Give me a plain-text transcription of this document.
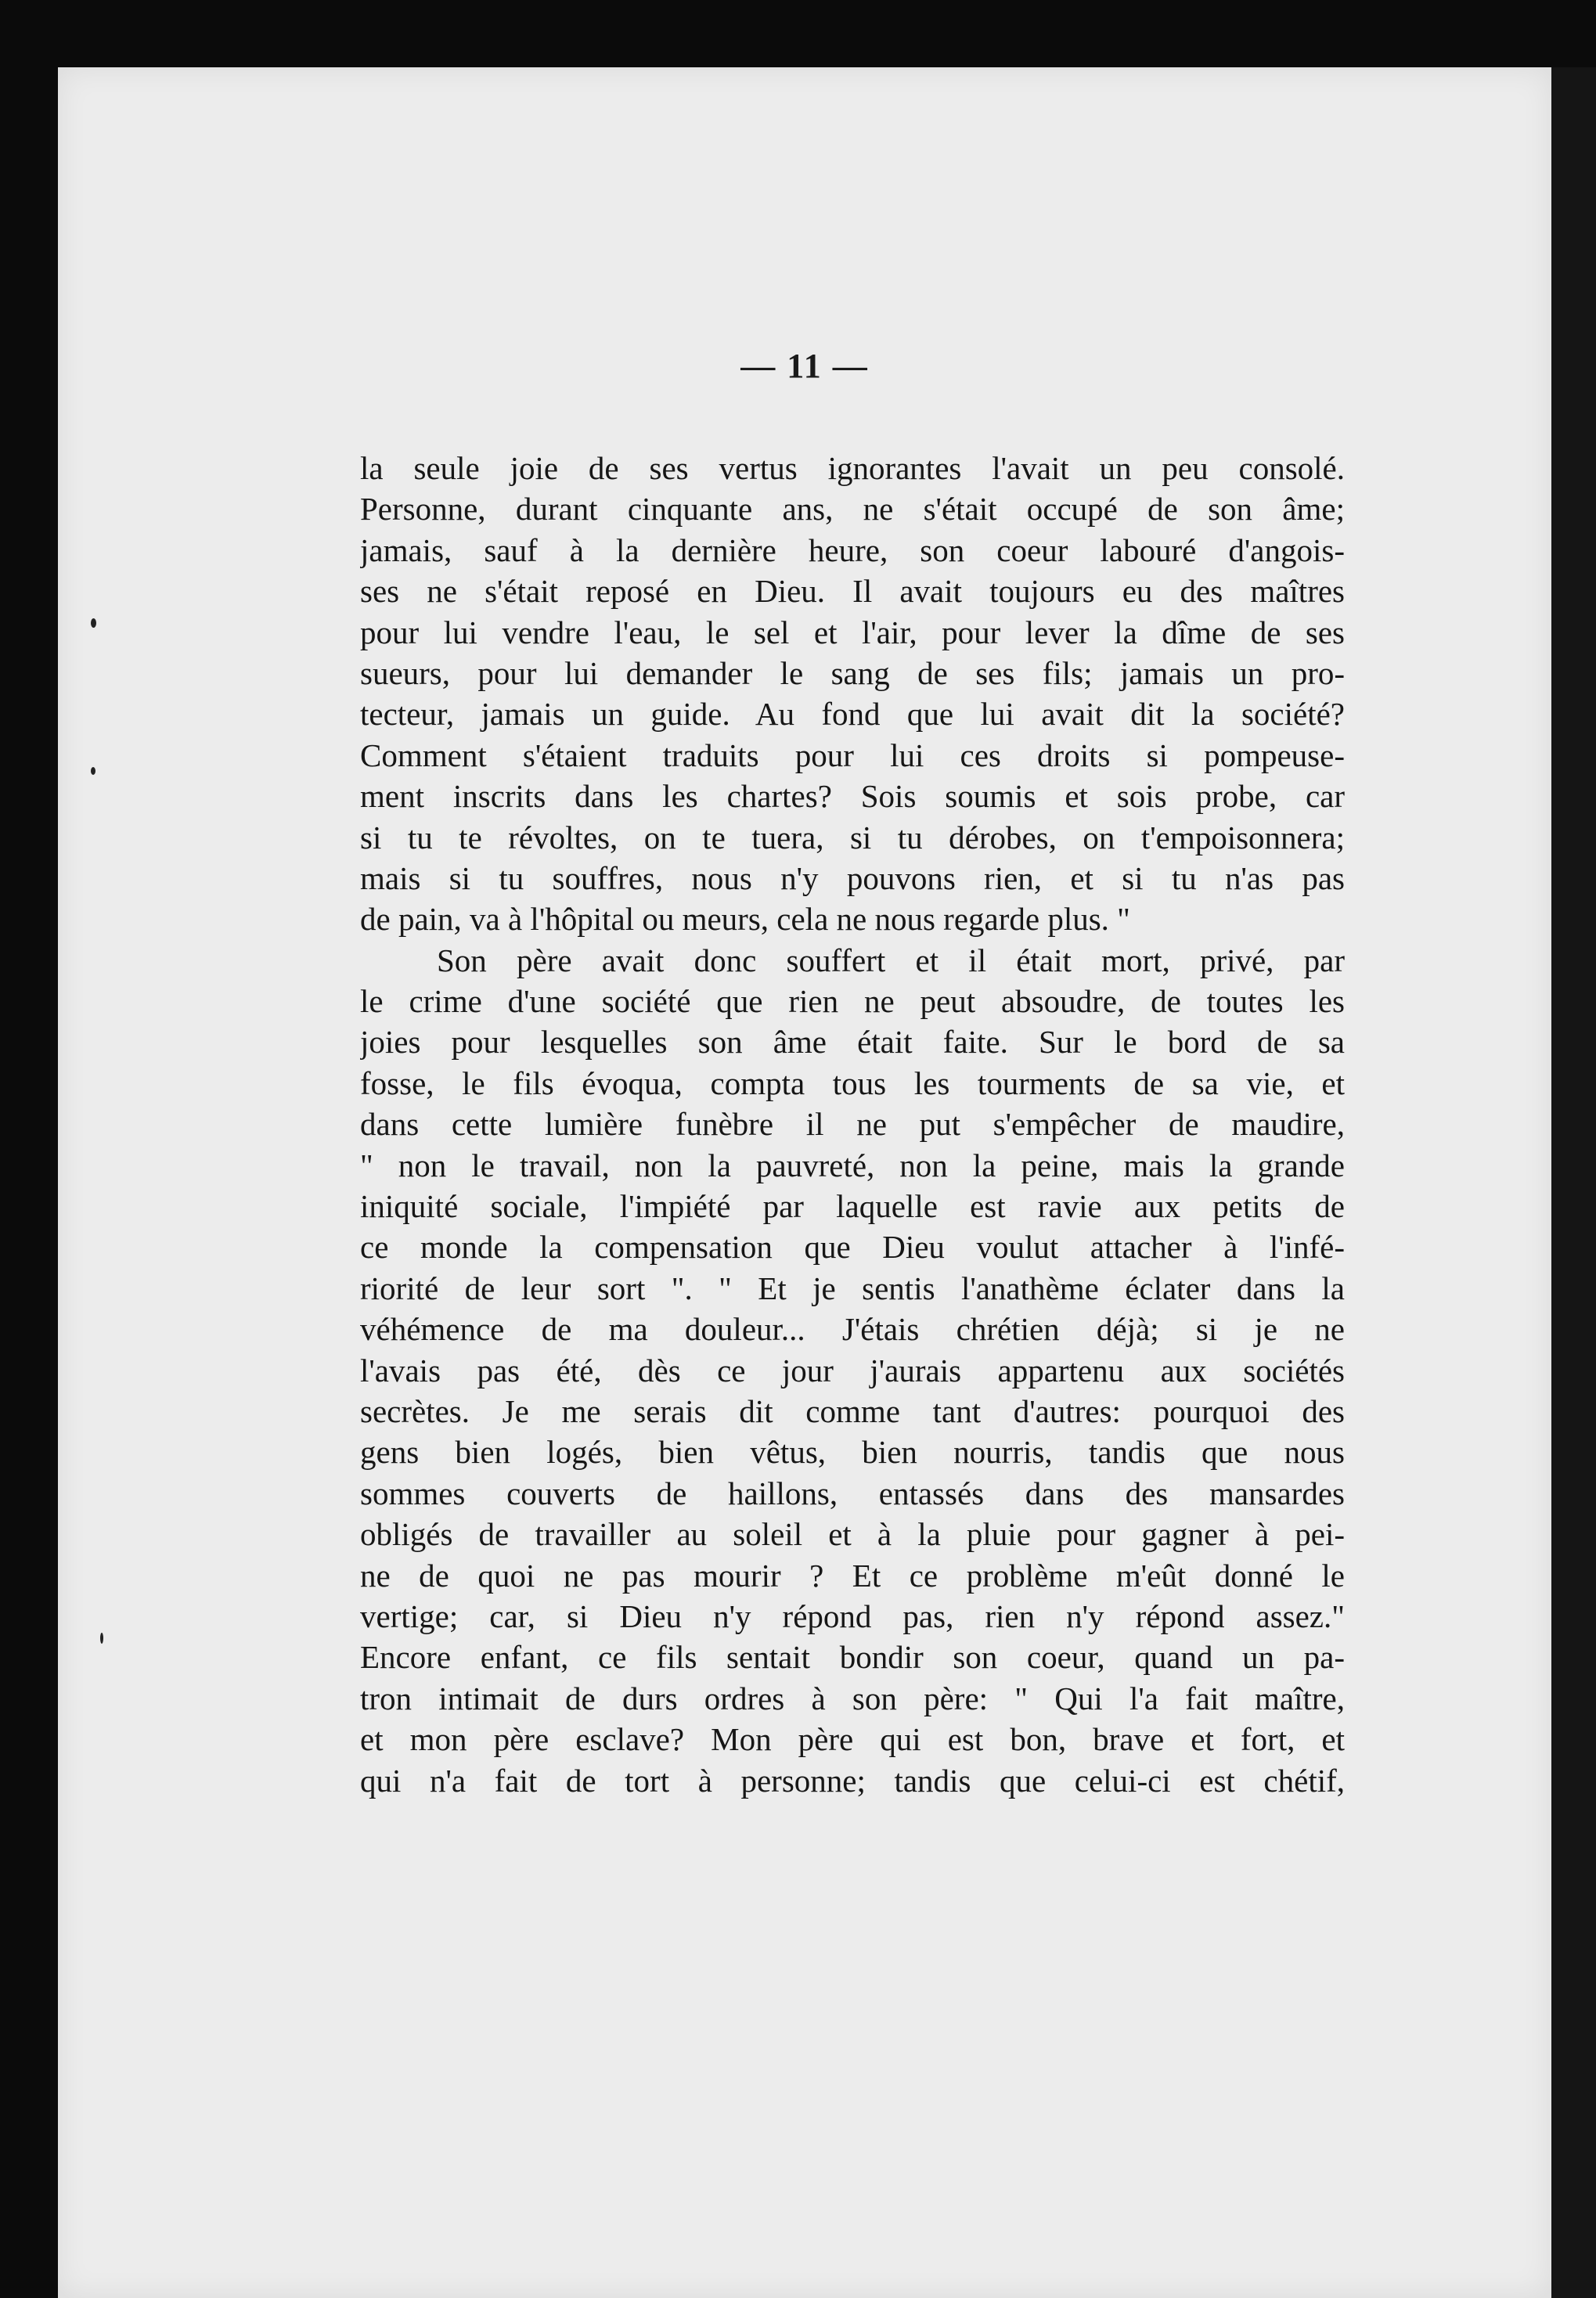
— 11 —
la seule joie de ses vertus ignorantes l'avait un peu consolé.
Personne, durant cinquante ans, ne s'était occupé de son âme;
jamais, sauf à la dernière heure, son coeur labouré d'angois-
ses ne s'était reposé en Dieu. Il avait toujours eu des maîtres
pour lui vendre l'eau, le sel et l'air, pour lever la dîme de ses
sueurs, pour lui demander le sang de ses fils; jamais un pro-
tecteur, jamais un guide. Au fond que lui avait dit la société?
Comment s'étaient traduits pour lui ces droits si pompeuse-
ment inscrits dans les chartes? Sois soumis et sois probe, car
si tu te révoltes, on te tuera, si tu dérobes, on t'empoisonnera;
mais si tu souffres, nous n'y pouvons rien, et si tu n'as pas
de pain, va à l'hôpital ou meurs, cela ne nous regarde plus. "
Son père avait donc souffert et il était mort, privé, par
le crime d'une société que rien ne peut absoudre, de toutes les
joies pour lesquelles son âme était faite. Sur le bord de sa
fosse, le fils évoqua, compta tous les tourments de sa vie, et
dans cette lumière funèbre il ne put s'empêcher de maudire,
" non le travail, non la pauvreté, non la peine, mais la grande
iniquité sociale, l'impiété par laquelle est ravie aux petits de
ce monde la compensation que Dieu voulut attacher à l'infé-
riorité de leur sort ". " Et je sentis l'anathème éclater dans la
véhémence de ma douleur... J'étais chrétien déjà; si je ne
l'avais pas été, dès ce jour j'aurais appartenu aux sociétés
secrètes. Je me serais dit comme tant d'autres: pourquoi des
gens bien logés, bien vêtus, bien nourris, tandis que nous
sommes couverts de haillons, entassés dans des mansardes
obligés de travailler au soleil et à la pluie pour gagner à pei-
ne de quoi ne pas mourir ? Et ce problème m'eût donné le
vertige; car, si Dieu n'y répond pas, rien n'y répond assez."
Encore enfant, ce fils sentait bondir son coeur, quand un pa-
tron intimait de durs ordres à son père: " Qui l'a fait maître,
et mon père esclave? Mon père qui est bon, brave et fort, et
qui n'a fait de tort à personne; tandis que celui-ci est chétif,
